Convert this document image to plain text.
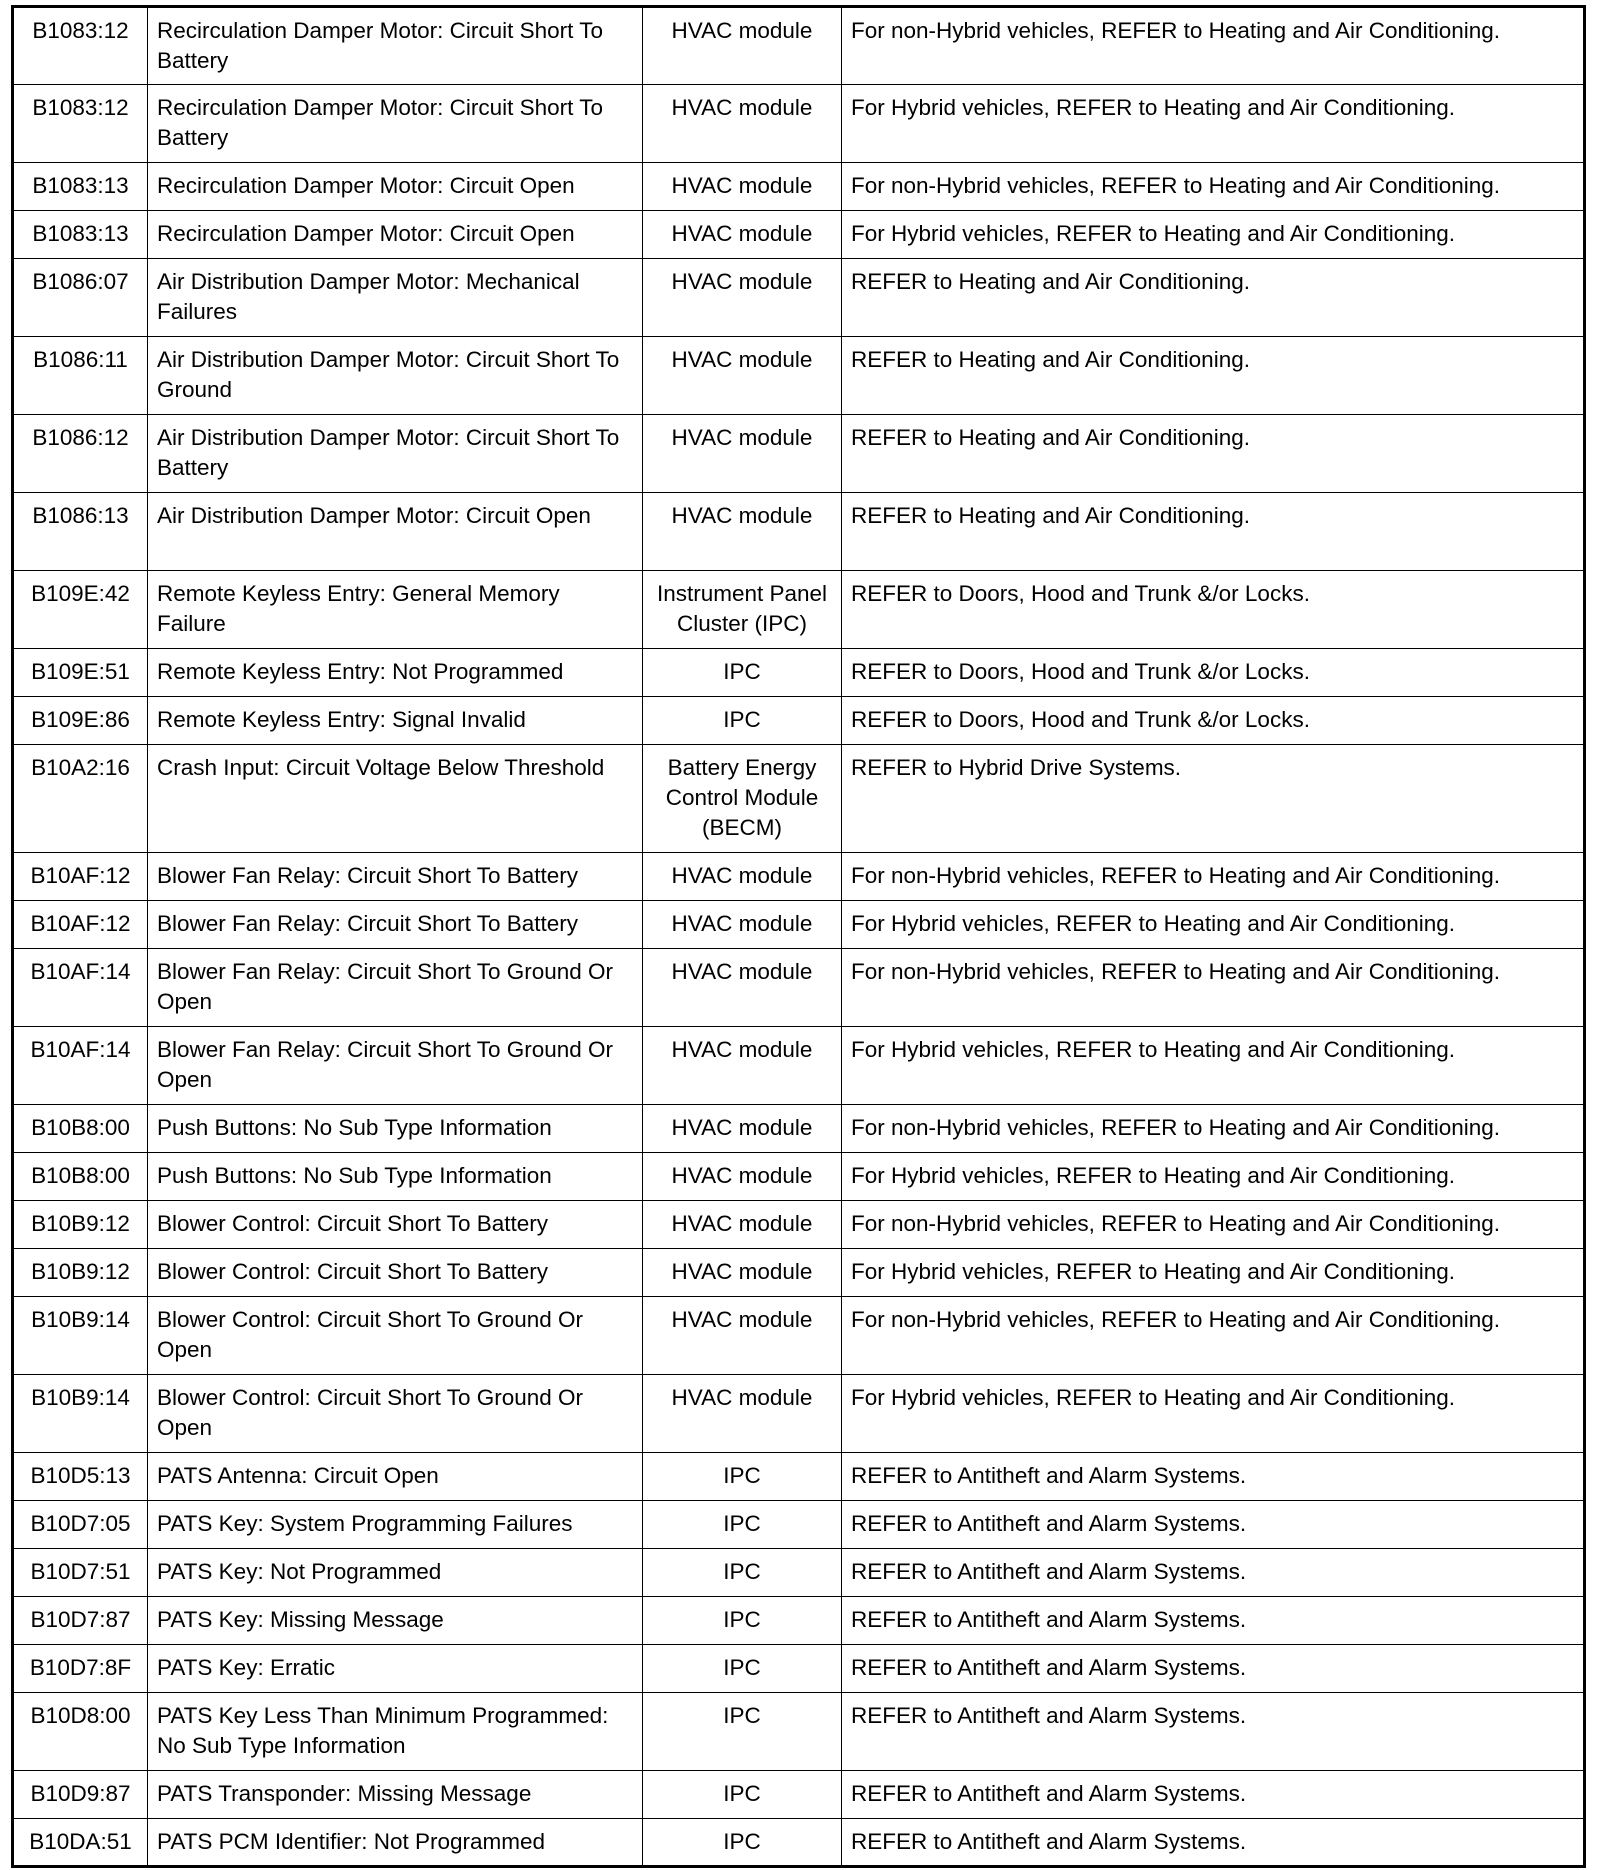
B1083:12	Recirculation Damper Motor: Circuit Short To Battery	HVAC module	For non-Hybrid vehicles, REFER to Heating and Air Conditioning.
B1083:12	Recirculation Damper Motor: Circuit Short To Battery	HVAC module	For Hybrid vehicles, REFER to Heating and Air Conditioning.
B1083:13	Recirculation Damper Motor: Circuit Open	HVAC module	For non-Hybrid vehicles, REFER to Heating and Air Conditioning.
B1083:13	Recirculation Damper Motor: Circuit Open	HVAC module	For Hybrid vehicles, REFER to Heating and Air Conditioning.
B1086:07	Air Distribution Damper Motor: Mechanical Failures	HVAC module	REFER to Heating and Air Conditioning.
B1086:11	Air Distribution Damper Motor: Circuit Short To Ground	HVAC module	REFER to Heating and Air Conditioning.
B1086:12	Air Distribution Damper Motor: Circuit Short To Battery	HVAC module	REFER to Heating and Air Conditioning.
B1086:13	Air Distribution Damper Motor: Circuit Open	HVAC module	REFER to Heating and Air Conditioning.
B109E:42	Remote Keyless Entry: General Memory Failure	Instrument Panel Cluster (IPC)	REFER to Doors, Hood and Trunk &/or Locks.
B109E:51	Remote Keyless Entry: Not Programmed	IPC	REFER to Doors, Hood and Trunk &/or Locks.
B109E:86	Remote Keyless Entry: Signal Invalid	IPC	REFER to Doors, Hood and Trunk &/or Locks.
B10A2:16	Crash Input: Circuit Voltage Below Threshold	Battery Energy Control Module (BECM)	REFER to Hybrid Drive Systems.
B10AF:12	Blower Fan Relay: Circuit Short To Battery	HVAC module	For non-Hybrid vehicles, REFER to Heating and Air Conditioning.
B10AF:12	Blower Fan Relay: Circuit Short To Battery	HVAC module	For Hybrid vehicles, REFER to Heating and Air Conditioning.
B10AF:14	Blower Fan Relay: Circuit Short To Ground Or Open	HVAC module	For non-Hybrid vehicles, REFER to Heating and Air Conditioning.
B10AF:14	Blower Fan Relay: Circuit Short To Ground Or Open	HVAC module	For Hybrid vehicles, REFER to Heating and Air Conditioning.
B10B8:00	Push Buttons: No Sub Type Information	HVAC module	For non-Hybrid vehicles, REFER to Heating and Air Conditioning.
B10B8:00	Push Buttons: No Sub Type Information	HVAC module	For Hybrid vehicles, REFER to Heating and Air Conditioning.
B10B9:12	Blower Control: Circuit Short To Battery	HVAC module	For non-Hybrid vehicles, REFER to Heating and Air Conditioning.
B10B9:12	Blower Control: Circuit Short To Battery	HVAC module	For Hybrid vehicles, REFER to Heating and Air Conditioning.
B10B9:14	Blower Control: Circuit Short To Ground Or Open	HVAC module	For non-Hybrid vehicles, REFER to Heating and Air Conditioning.
B10B9:14	Blower Control: Circuit Short To Ground Or Open	HVAC module	For Hybrid vehicles, REFER to Heating and Air Conditioning.
B10D5:13	PATS Antenna: Circuit Open	IPC	REFER to Antitheft and Alarm Systems.
B10D7:05	PATS Key: System Programming Failures	IPC	REFER to Antitheft and Alarm Systems.
B10D7:51	PATS Key: Not Programmed	IPC	REFER to Antitheft and Alarm Systems.
B10D7:87	PATS Key: Missing Message	IPC	REFER to Antitheft and Alarm Systems.
B10D7:8F	PATS Key: Erratic	IPC	REFER to Antitheft and Alarm Systems.
B10D8:00	PATS Key Less Than Minimum Programmed: No Sub Type Information	IPC	REFER to Antitheft and Alarm Systems.
B10D9:87	PATS Transponder: Missing Message	IPC	REFER to Antitheft and Alarm Systems.
B10DA:51	PATS PCM Identifier: Not Programmed	IPC	REFER to Antitheft and Alarm Systems.
